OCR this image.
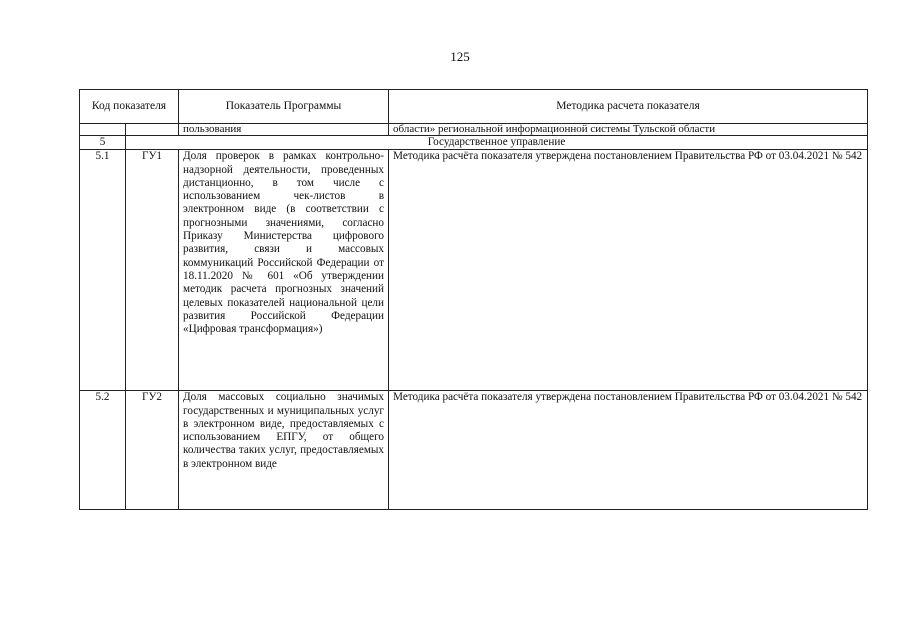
125
Код показателя		Показатель Программы	Методика расчета показателя
		пользования	области» региональной информационной системы Тульской области
5	Государственное управление		
5.1	ГУ1	Доля проверок в рамках контрольно-надзорной деятельности, проведенных дистанционно, в том числе с использованием чек-листов в электронном виде (в соответствии с прогнозными значениями, согласно Приказу Министерства цифрового развития, связи и массовых коммуникаций Российской Федерации от 18.11.2020 № 601 «Об утверждении методик расчета прогнозных значений целевых показателей национальной цели развития Российской Федерации «Цифровая трансформация»)	Методика расчёта показателя утверждена постановлением Правительства РФ от 03.04.2021 № 542
5.2	ГУ2	Доля массовых социально значимых государственных и муниципальных услуг в электронном виде, предоставляемых с использованием ЕПГУ, от общего количества таких услуг, предоставляемых в электронном виде	Методика расчёта показателя утверждена постановлением Правительства РФ от 03.04.2021 № 542
